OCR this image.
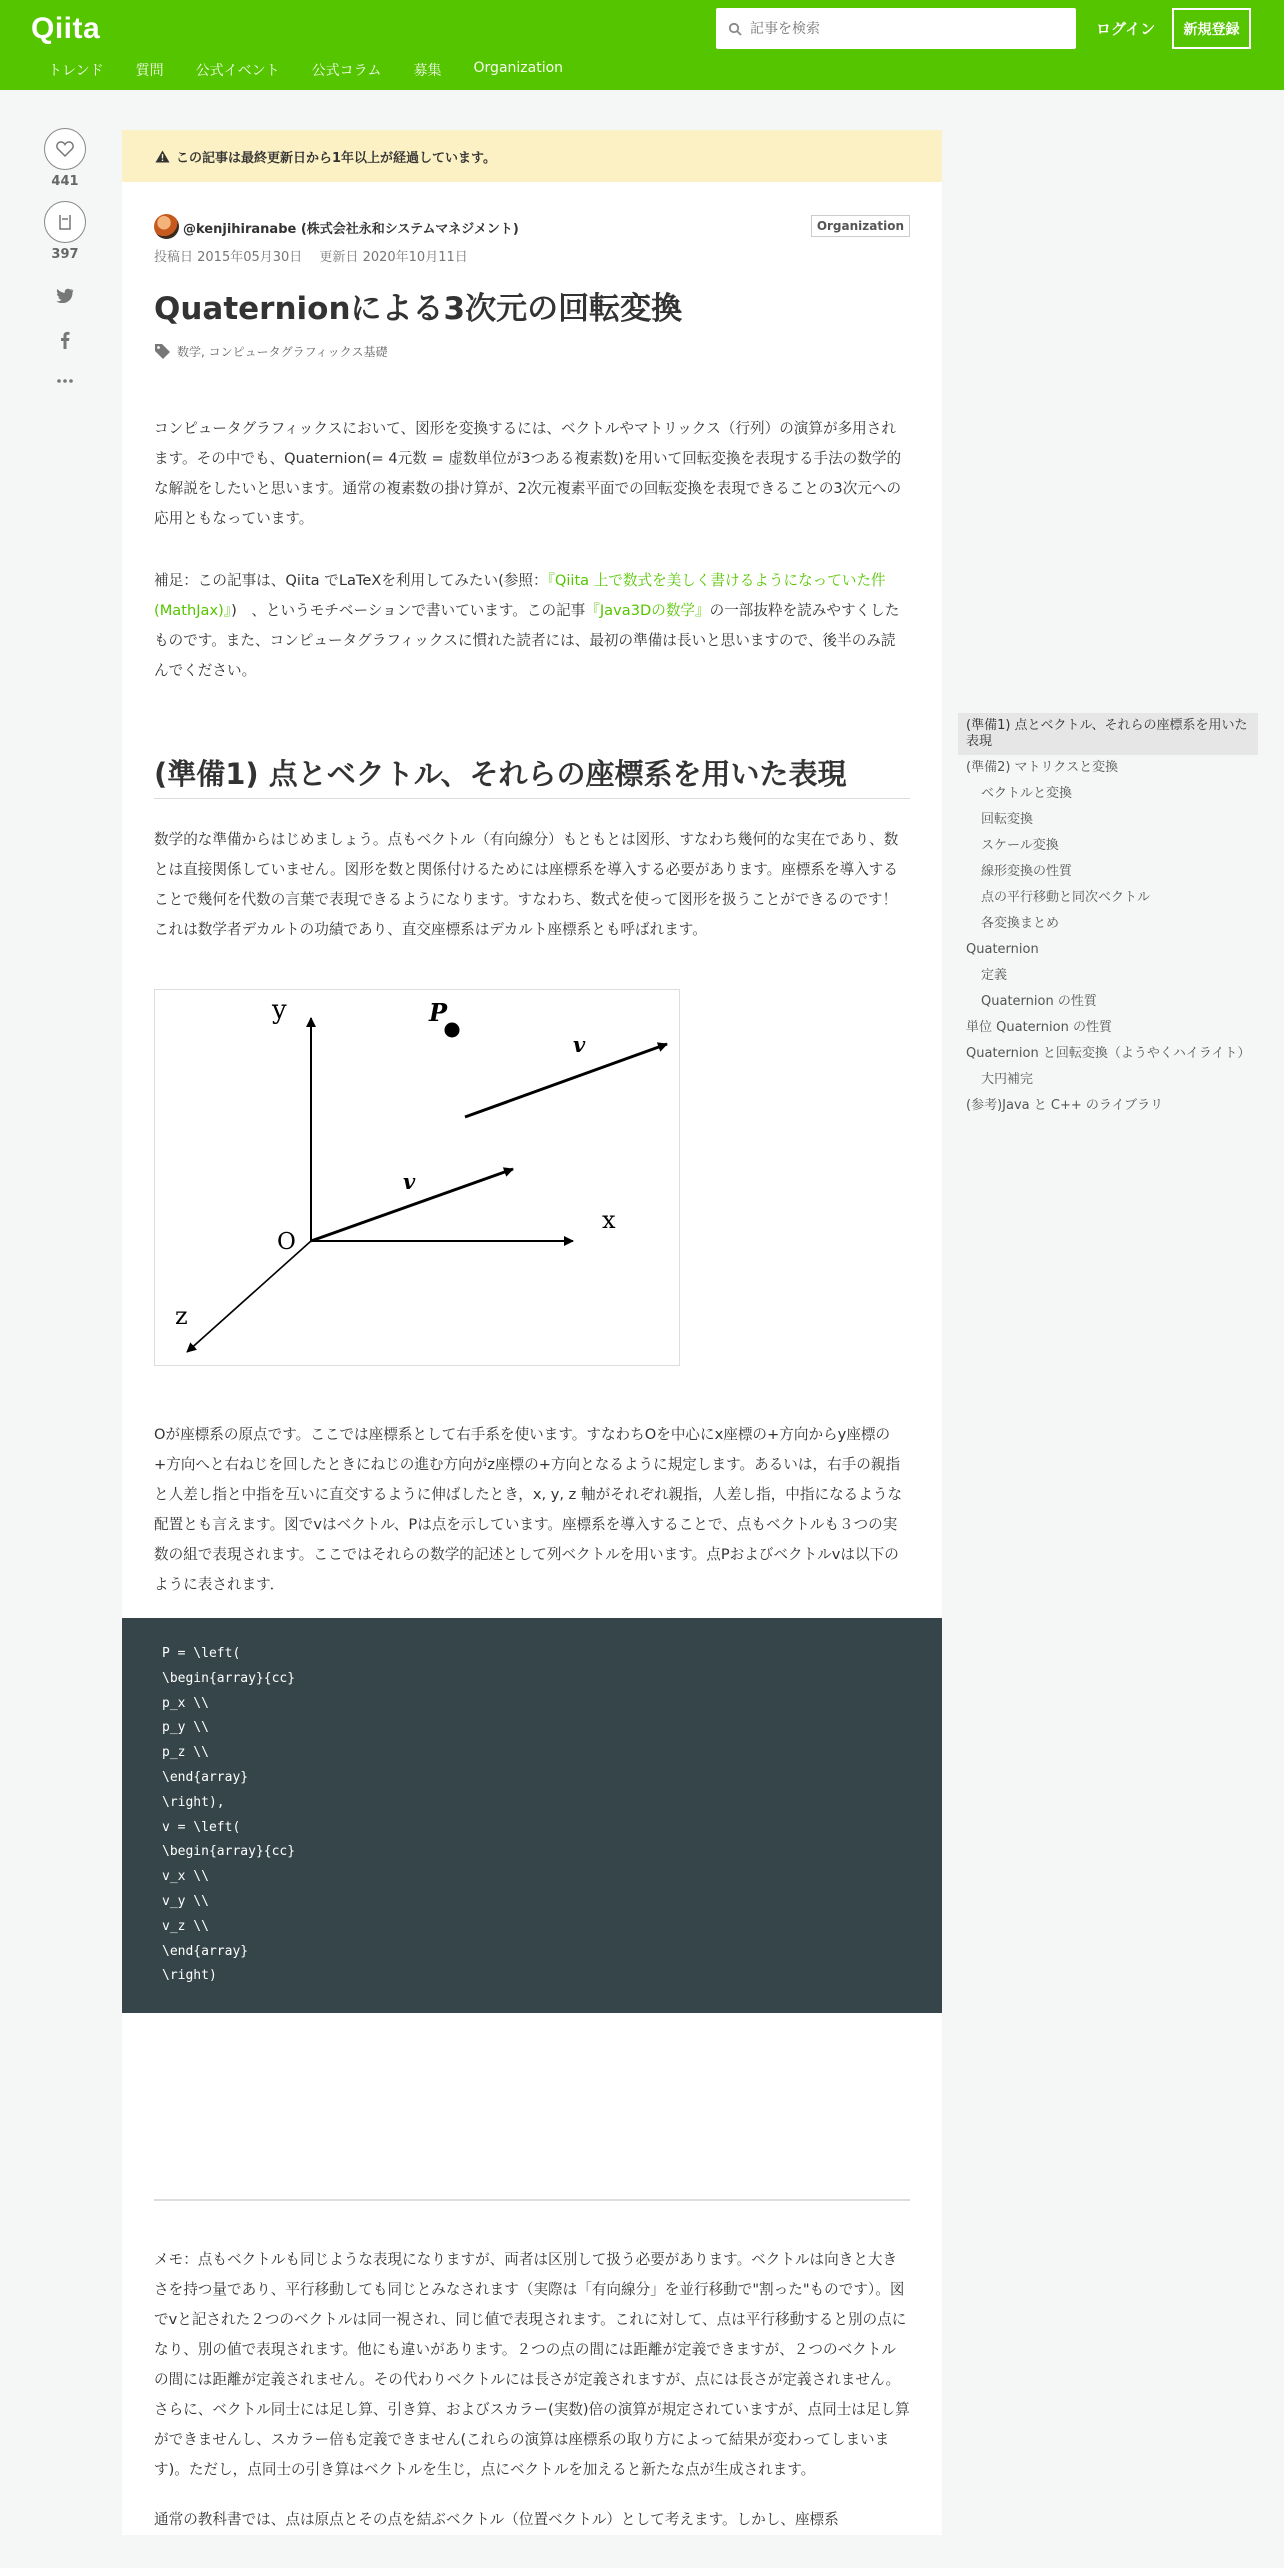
Qiita
記事を検索	ログイン	新規登録
トレンド 質問 公式イベント 公式コラム 募集 Organization
441
397
この記事は最終更新日から1年以上が経過しています。
@kenjihiranabe (株式会社永和システムマネジメント)	Organization
投稿日 2015年05月30日　 更新日 2020年10月11日
Quaternionによる3次元の回転変換
数学, コンピュータグラフィックス基礎

コンピュータグラフィックスにおいて、図形を変換するには、ベクトルやマトリックス（行列）の演算が多用されます。その中でも、Quaternion(= 4元数 = 虚数単位が3つある複素数)を用いて回転変換を表現する手法の数学的な解説をしたいと思います。通常の複素数の掛け算が、2次元複素平面での回転変換を表現できることの3次元への応用ともなっています。

補足：この記事は、Qiita でLaTeXを利用してみたい(参照：『Qiita 上で数式を美しく書けるようになっていた件 (MathJax)』)　、というモチベーションで書いています。この記事『Java3Dの数学』の一部抜粋を読みやすくしたものです。また、コンピュータグラフィックスに慣れた読者には、最初の準備は長いと思いますので、後半のみ読んでください。

(準備1) 点とベクトル、それらの座標系を用いた表現

数学的な準備からはじめましょう。点もベクトル（有向線分）もともとは図形、すなわち幾何的な実在であり、数とは直接関係していません。図形を数と関係付けるためには座標系を導入する必要があります。座標系を導入することで幾何を代数の言葉で表現できるようになります。すなわち、数式を使って図形を扱うことができるのです！これは数学者デカルトの功績であり、直交座標系はデカルト座標系とも呼ばれます。

y
x
z
O
P
v
v

Oが座標系の原点です。ここでは座標系として右手系を使います。すなわちOを中心にx座標の+方向からy座標の+方向へと右ねじを回したときにねじの進む方向がz座標の+方向となるように規定します。あるいは，右手の親指と人差し指と中指を互いに直交するように伸ばしたとき，x, y, z 軸がそれぞれ親指，人差し指，中指になるような配置とも言えます。図でvはベクトル、Pは点を示しています。座標系を導入することで、点もベクトルも３つの実数の組で表現されます。ここではそれらの数学的記述として列ベクトルを用います。点Pおよびベクトルvは以下のように表されます．

P = \left(
\begin{array}{cc}
p_x \\
p_y \\
p_z \\
\end{array}
\right),
v = \left(
\begin{array}{cc}
v_x \\
v_y \\
v_z \\
\end{array}
\right)

メモ：点もベクトルも同じような表現になりますが、両者は区別して扱う必要があります。ベクトルは向きと大きさを持つ量であり、平行移動しても同じとみなされます（実際は「有向線分」を並行移動で"割った"ものです）。図でvと記された２つのベクトルは同一視され、同じ値で表現されます。これに対して、点は平行移動すると別の点になり、別の値で表現されます。他にも違いがあります。２つの点の間には距離が定義できますが、２つのベクトルの間には距離が定義されません。その代わりベクトルには長さが定義されますが、点には長さが定義されません。さらに、ベクトル同士には足し算、引き算、およびスカラー(実数)倍の演算が規定されていますが、点同士は足し算ができませんし、スカラー倍も定義できません(これらの演算は座標系の取り方によって結果が変わってしまいます)。ただし，点同士の引き算はベクトルを生じ，点にベクトルを加えると新たな点が生成されます。

通常の教科書では、点は原点とその点を結ぶベクトル（位置ベクトル）として考えます。しかし、座標系

(準備1) 点とベクトル、それらの座標系を用いた表現
(準備2) マトリクスと変換
ベクトルと変換
回転変換
スケール変換
線形変換の性質
点の平行移動と同次ベクトル
各変換まとめ
Quaternion
定義
Quaternion の性質
単位 Quaternion の性質
Quaternion と回転変換（ようやくハイライト）
大円補完
(参考)Java と C++ のライブラリ
